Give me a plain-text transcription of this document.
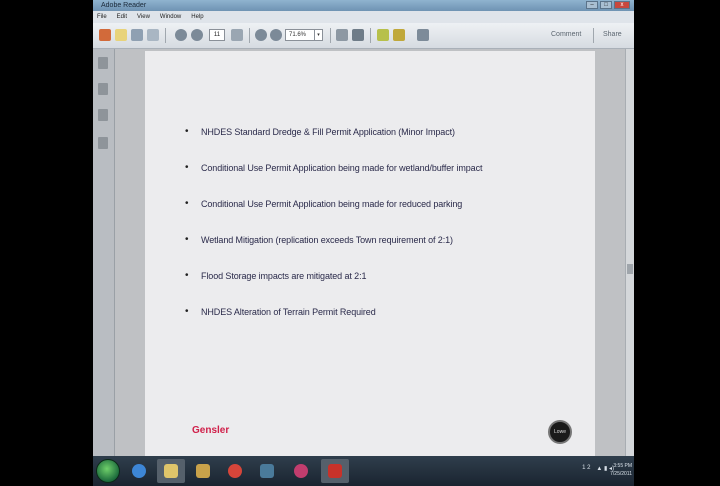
Adobe Reader	–	□	x
File Edit View Window Help
11	71.6%	▾	Comment	Share
• NHDES Standard Dredge & Fill Permit Application (Minor Impact)
• Conditional Use Permit Application being made for wetland/buffer impact
• Conditional Use Permit Application being made for reduced parking
• Wetland Mitigation (replication exceeds Town requirement of 2:1)
• Flood Storage impacts are mitigated at 2:1
• NHDES Alteration of Terrain Permit Required
Gensler	Lowe
1 2 ▲ ▮ ◂) 3:55 PM
7/25/2011
